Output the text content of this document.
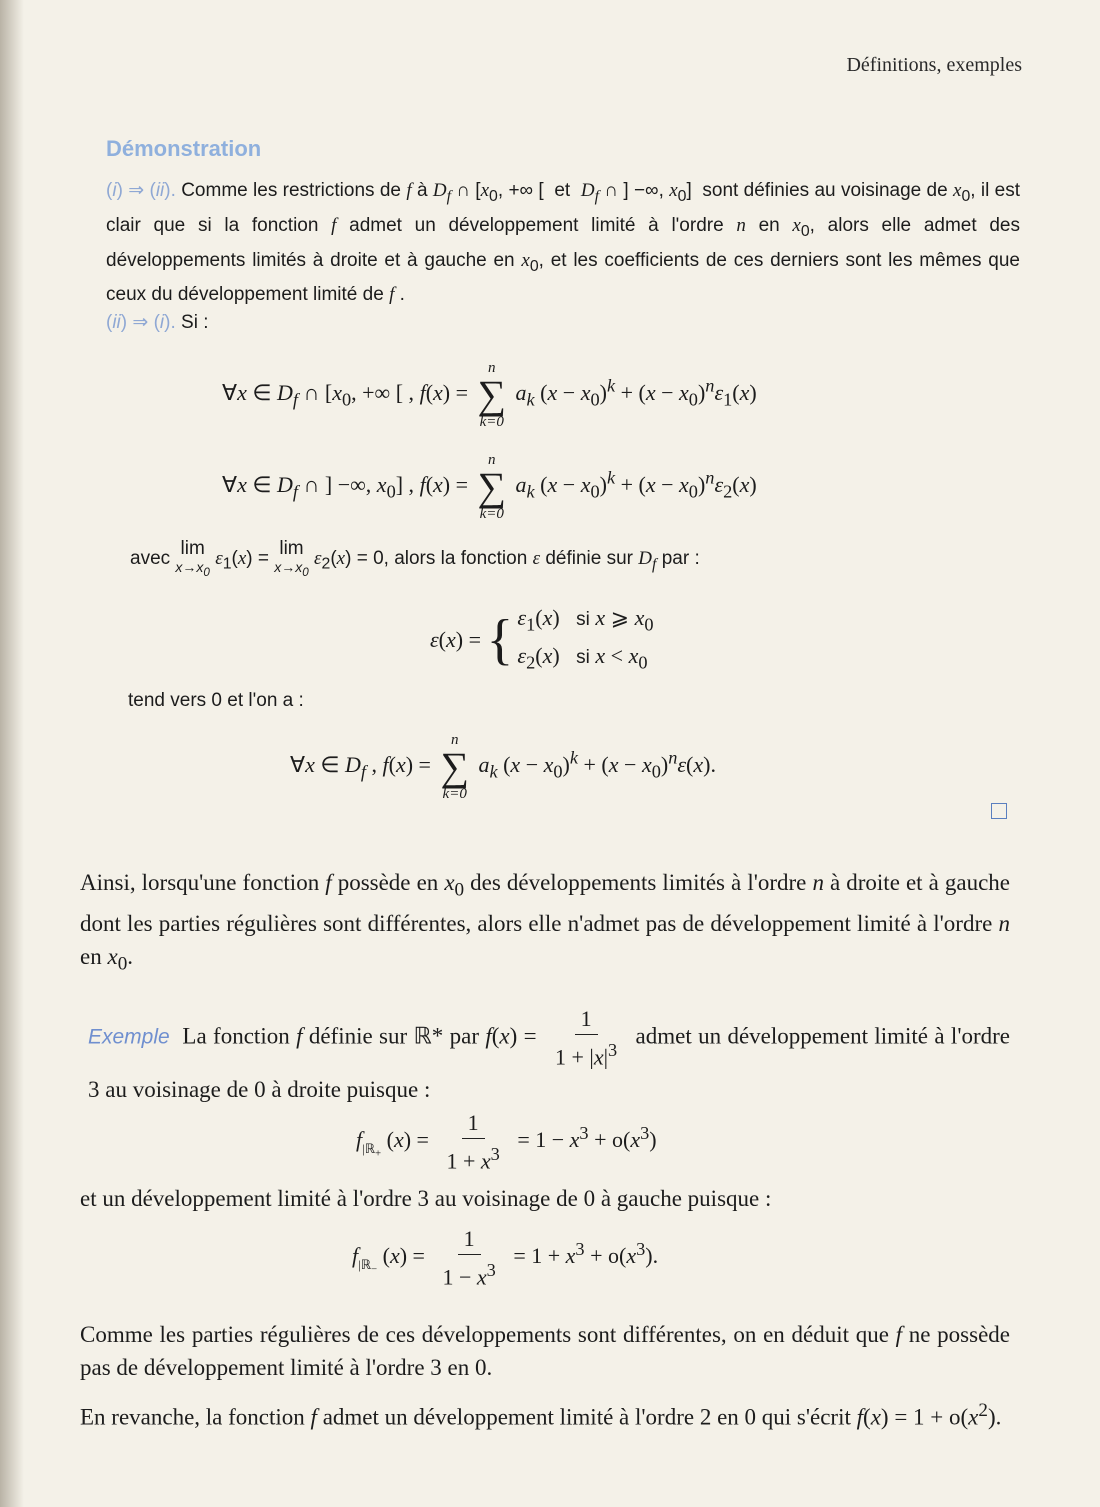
Définitions, exemples
Démonstration
(i) ⇒ (ii). Comme les restrictions de f à $D_f$ ∩ [$x_0$, +∞ [  et  $D_f$ ∩ ] −∞, $x_0$]  sont définies au voisinage de $x_0$, il est clair que si la fonction f admet un développement limité à l'ordre n en $x_0$, alors elle admet des développements limités à droite et à gauche en $x_0$, et les coefficients de ces derniers sont les mêmes que ceux du développement limité de f .
(ii) ⇒ (i). Si :
∀x ∈ $D_f$ ∩ [$x_0$, +∞ [ , f(x) =
n
∑
k=0
$a_k$ $(x - x_0)^k + (x - x_0)^n\varepsilon_1(x)$
∀x ∈ $D_f$ ∩ ] −∞, $x_0$] , f(x) =
n
∑
k=0
$a_k$ $(x - x_0)^k + (x - x_0)^n\varepsilon_2(x)$
avec lim
$x\to x_0$
$\varepsilon_1(x) = \lim$
$x\to x_0$
$\varepsilon_2(x) = 0$, alors la fonction ε définie sur $D_f$ par :
ε ( x ) = { $\varepsilon_1(x)$   si x ⩾ $x_0$
$\varepsilon_2(x)$   si $x < x_0$
tend vers 0 et l'on a :
∀x ∈ $D_f$ , f(x) =
n
∑
k=0
$a_k$ $(x - x_0)^k + (x - x_0)^n\varepsilon(x)$.
Ainsi, lorsqu'une fonction f possède en $x_0$ des développements limités à l'ordre n à droite et à gauche dont les parties régulières sont différentes, alors elle n'admet pas de développement limité à l'ordre n en $x_0$.
Exemple  La fonction f définie sur ℝ* par $f(x) = \frac{1}{1 + |x|^3}$ admet un développement limité à l'ordre 3 au voisinage de 0 à droite puisque :
$f_{|ℝ_+}$ $(x) = \frac{1}{1 + x^3} = 1 - x^3 + o(x^3)$
et un développement limité à l'ordre 3 au voisinage de 0 à gauche puisque :
$f_{|ℝ_-}$ $(x) = \frac{1}{1 - x^3} = 1 + x^3 + o(x^3)$.
Comme les parties régulières de ces développements sont différentes, on en déduit que f ne possède pas de développement limité à l'ordre 3 en 0.
En revanche, la fonction f admet un développement limité à l'ordre 2 en 0 qui s'écrit $f(x) = 1 + o(x^2)$.
